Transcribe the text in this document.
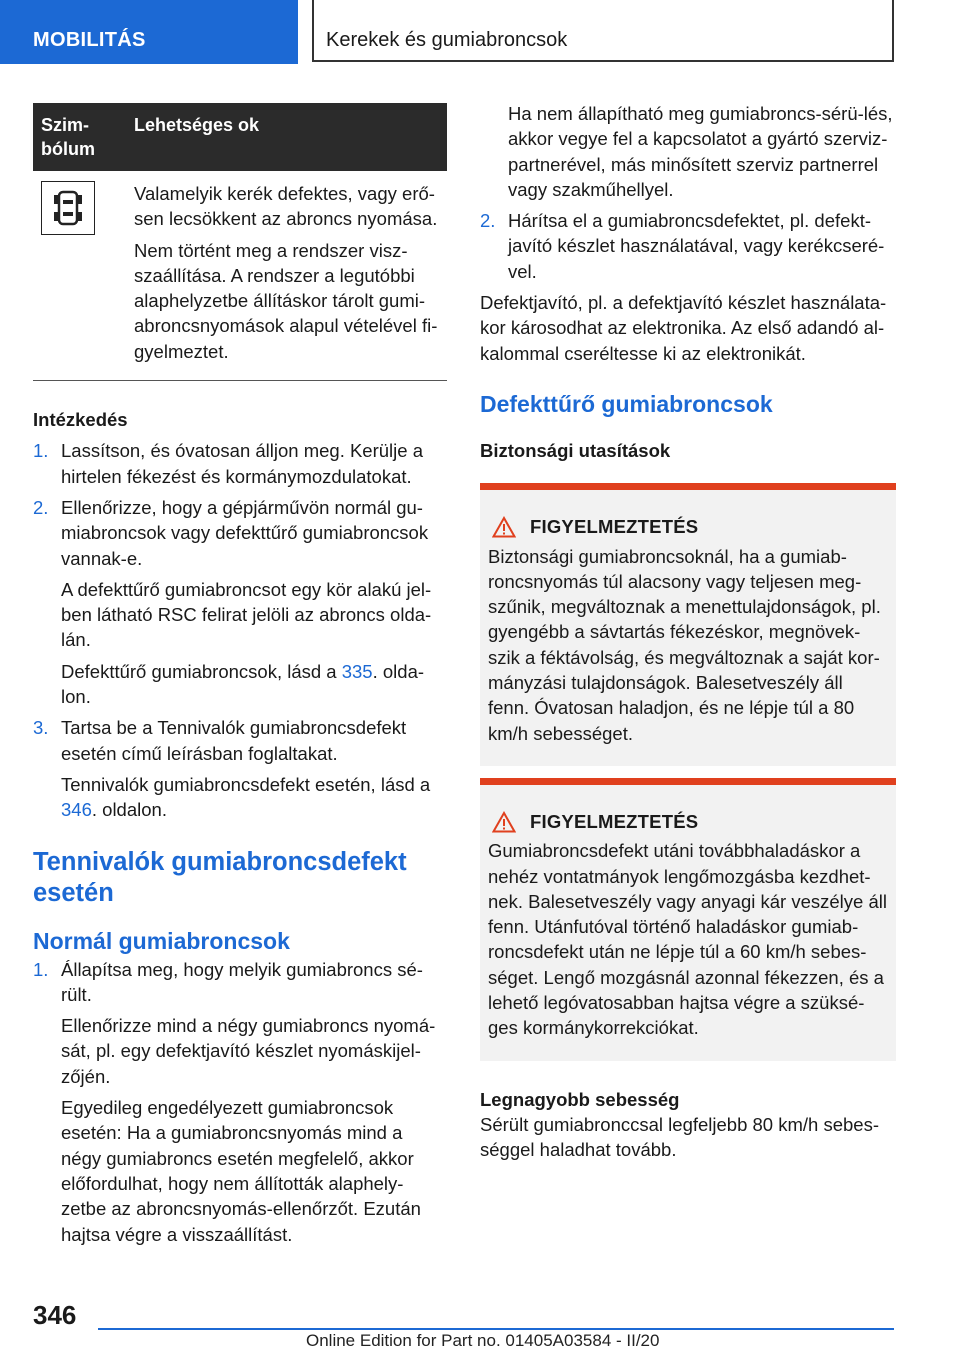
MOBILITÁS	Kerekek és gumiabroncsok
Szim-
bólum	Lehetséges ok

Valamelyik kerék defektes, vagy erő-sen lecsökkent az abroncs nyomása.

Nem történt meg a rendszer visz-szaállítása. A rendszer a legutóbbi alaphelyzetbe állításkor tárolt gumi-abroncsnyomások alapul vételével fi-gyelmeztet.

Intézkedés
1. Lassítson, és óvatosan álljon meg. Kerülje a hirtelen fékezést és kormánymozdulatokat.

2. Ellenőrizze, hogy a gépjárművön normál gu-miabroncsok vagy defekttűrő gumiabroncsok vannak-e.

A defekttűrő gumiabroncsot egy kör alakú jel-ben látható RSC felirat jelöli az abroncs olda-lán.

Defekttűrő gumiabroncsok, lásd a 335. olda-lon.

3. Tartsa be a Tennivalók gumiabroncsdefekt esetén című leírásban foglaltakat.

Tennivalók gumiabroncsdefekt esetén, lásd a 346. oldalon.

Tennivalók gumiabroncsdefekt esetén

Normál gumiabroncsok

1. Állapítsa meg, hogy melyik gumiabroncs sé-rült.

Ellenőrizze mind a négy gumiabroncs nyomá-sát, pl. egy defektjavító készlet nyomáskijel-zőjén.

Egyedileg engedélyezett gumiabroncsok esetén: Ha a gumiabroncsnyomás mind a négy gumiabroncs esetén megfelelő, akkor előfordulhat, hogy nem állították alaphely-zetbe az abroncsnyomás-ellenőrzőt. Ezután hajtsa végre a visszaállítást.

Ha nem állapítható meg gumiabroncs-sérü-lés, akkor vegye fel a kapcsolatot a gyártó szerviz-partnerével, más minősített szerviz partnerrel vagy szakműhellyel.

2. Hárítsa el a gumiabroncsdefektet, pl. defekt-javító készlet használatával, vagy kerékcseré-vel.

Defektjavító, pl. a defektjavító készlet használata-kor károsodhat az elektronika. Az első adandó al-kalommal cseréltesse ki az elektronikát.

Defekttűrő gumiabroncsok

Biztonsági utasítások
FIGYELMEZTETÉS

Biztonsági gumiabroncsoknál, ha a gumiab-roncsnyomás túl alacsony vagy teljesen meg-szűnik, megváltoznak a menettulajdonságok, pl. gyengébb a sávtartás fékezéskor, megnövek-szik a féktávolság, és megváltoznak a saját kor-mányzási tulajdonságok. Balesetveszély áll fenn. Óvatosan haladjon, és ne lépje túl a 80 km/h sebességet.

FIGYELMEZTETÉS

Gumiabroncsdefekt utáni továbbhaladáskor a nehéz vontatmányok lengőmozgásba kezdhet-nek. Balesetveszély vagy anyagi kár veszélye áll fenn. Utánfutóval történő haladáskor gumiab-roncsdefekt után ne lépje túl a 60 km/h sebes-séget. Lengő mozgásnál azonnal fékezzen, és a lehető legóvatosabban hajtsa végre a szüksé-ges kormánykorrekciókat.

Legnagyobb sebesség

Sérült gumiabronccsal legfeljebb 80 km/h sebes-séggel haladhat tovább.

346
Online Edition for Part no. 01405A03584 - II/20
